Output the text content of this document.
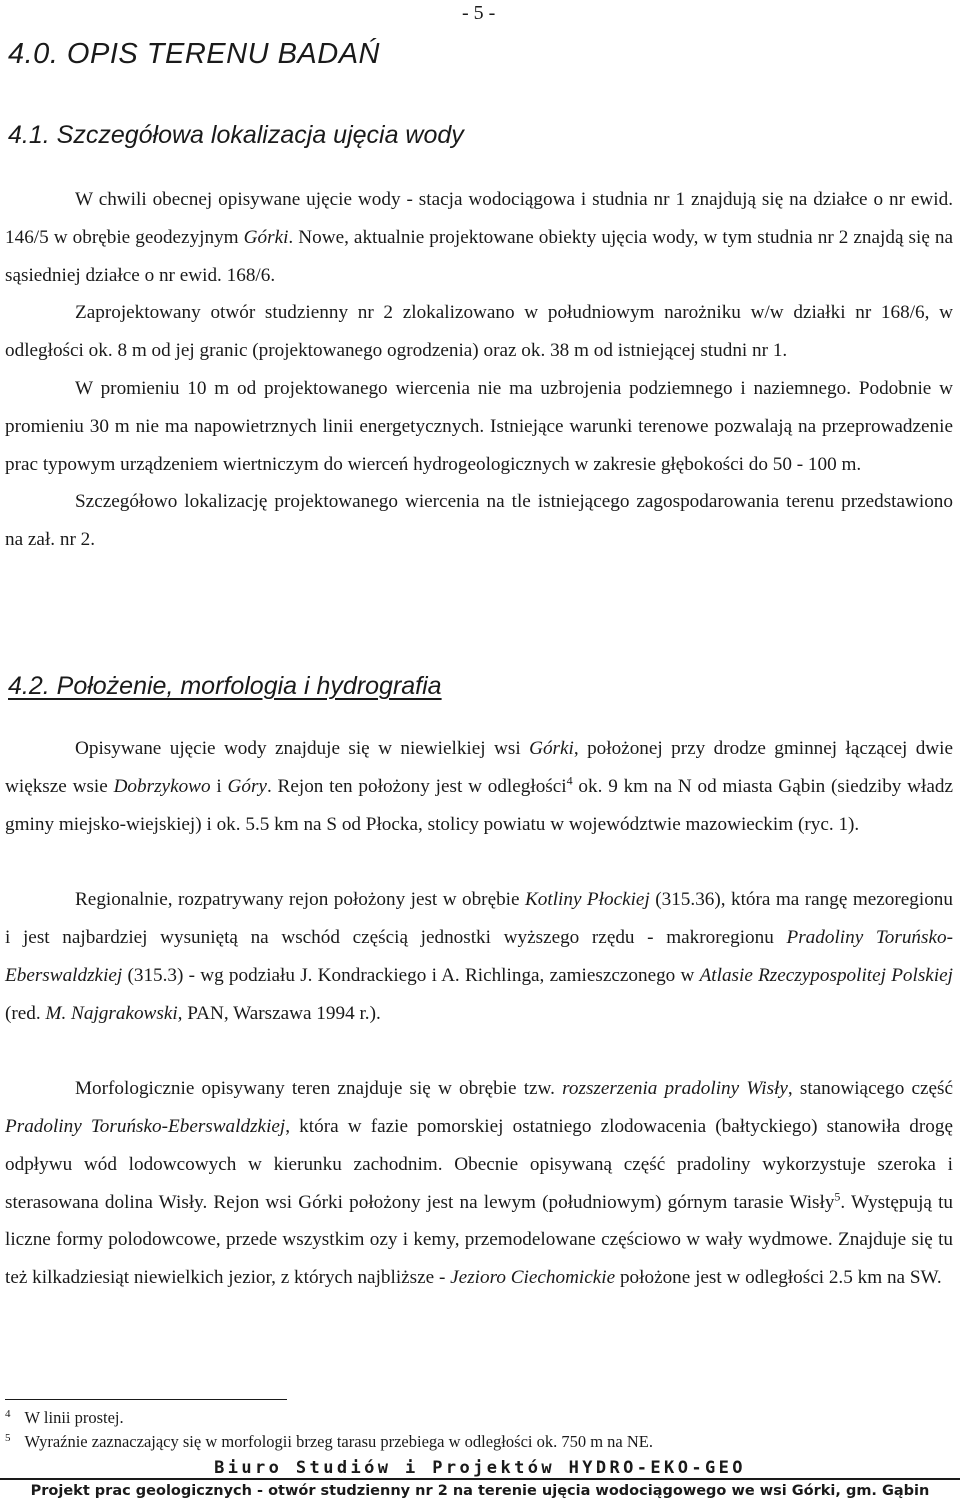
- 5 -
4.0. OPIS TERENU BADAŃ
4.1. Szczegółowa lokalizacja ujęcia wody

W chwili obecnej opisywane ujęcie wody - stacja wodociągowa i studnia nr 1 znajdują się na działce o nr ewid. 146/5 w obrębie geodezyjnym Górki. Nowe, aktualnie projektowane obiekty ujęcia wody, w tym studnia nr 2 znajdą się na sąsiedniej działce o nr ewid. 168/6.

Zaprojektowany otwór studzienny nr 2 zlokalizowano w południowym narożniku w/w działki nr 168/6, w odległości ok. 8 m od jej granic (projektowanego ogrodzenia) oraz ok. 38 m od istniejącej studni nr 1.

W promieniu 10 m od projektowanego wiercenia nie ma uzbrojenia podziemnego i naziemnego. Podobnie w promieniu 30 m nie ma napowietrznych linii energetycznych. Istniejące warunki terenowe pozwalają na przeprowadzenie prac typowym urządzeniem wiertniczym do wierceń hydrogeologicznych w zakresie głębokości do 50 - 100 m.

Szczegółowo lokalizację projektowanego wiercenia na tle istniejącego zagospodarowania terenu przedstawiono na zał. nr 2.

4.2. Położenie, morfologia i hydrografia

Opisywane ujęcie wody znajduje się w niewielkiej wsi Górki, położonej przy drodze gminnej łączącej dwie większe wsie Dobrzykowo i Góry. Rejon ten położony jest w odległości$^4$ ok. 9 km na N od miasta Gąbin (siedziby władz gminy miejsko-wiejskiej) i ok. 5.5 km na S od Płocka, stolicy powiatu w województwie mazowieckim (ryc. 1).

Regionalnie, rozpatrywany rejon położony jest w obrębie Kotliny Płockiej (315.36), która ma rangę mezoregionu i jest najbardziej wysuniętą na wschód częścią jednostki wyższego rzędu - makroregionu Pradoliny Toruńsko-Eberswaldzkiej (315.3) - wg podziału J. Kondrackiego i A. Richlinga, zamieszczonego w Atlasie Rzeczypospolitej Polskiej (red. M. Najgrakowski, PAN, Warszawa 1994 r.).

Morfologicznie opisywany teren znajduje się w obrębie tzw. rozszerzenia pradoliny Wisły, stanowiącego część Pradoliny Toruńsko-Eberswaldzkiej, która w fazie pomorskiej ostatniego zlodowacenia (bałtyckiego) stanowiła drogę odpływu wód lodowcowych w kierunku zachodnim. Obecnie opisywaną część pradoliny wykorzystuje szeroka i sterasowana dolina Wisły. Rejon wsi Górki położony jest na lewym (południowym) górnym tarasie Wisły$^5$. Występują tu liczne formy polodowcowe, przede wszystkim ozy i kemy, przemodelowane częściowo w wały wydmowe. Znajduje się tu też kilkadziesiąt niewielkich jezior, z których najbliższe - Jezioro Ciechomickie położone jest w odległości 2.5 km na SW.

$^4$ W linii prostej.
$^5$ Wyraźnie zaznaczający się w morfologii brzeg tarasu przebiega w odległości ok. 750 m na NE.
Biuro Studiów i Projektów HYDRO-EKO-GEO
Projekt prac geologicznych - otwór studzienny nr 2 na terenie ujęcia wodociągowego we wsi Górki, gm. Gąbin
